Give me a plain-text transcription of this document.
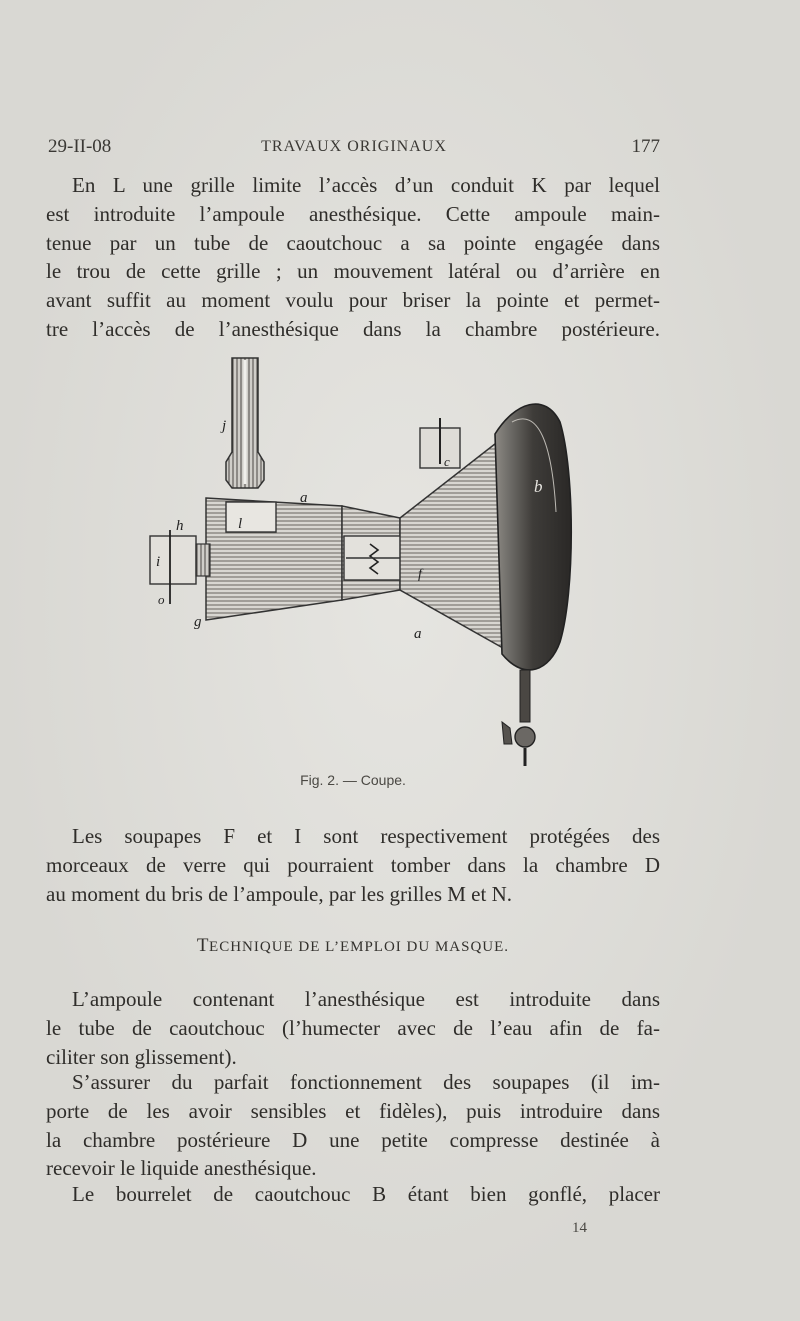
29-II-08	TRAVAUX ORIGINAUX	177
En L une grille limite l’accès d’un conduit K par lequel
est introduite l’ampoule anesthésique. Cette ampoule main-
tenue par un tube de caoutchouc a sa pointe engagée dans
le trou de cette grille ; un mouvement latéral ou d’arrière en
avant suffit au moment voulu pour briser la pointe et permet-
tre l’accès de l’anesthésique dans la chambre postérieure.
j
a
b
c
h
i
l
f
o
g
a
Fig. 2. — Coupe.
Les soupapes F et I sont respectivement protégées des
morceaux de verre qui pourraient tomber dans la chambre D
au moment du bris de l’ampoule, par les grilles M et N.
TECHNIQUE DE L’EMPLOI DU MASQUE.
L’ampoule contenant l’anesthésique est introduite dans
le tube de caoutchouc (l’humecter avec de l’eau afin de fa-
ciliter son glissement).
S’assurer du parfait fonctionnement des soupapes (il im-
porte de les avoir sensibles et fidèles), puis introduire dans
la chambre postérieure D une petite compresse destinée à
recevoir le liquide anesthésique.
Le bourrelet de caoutchouc B étant bien gonflé, placer
14
